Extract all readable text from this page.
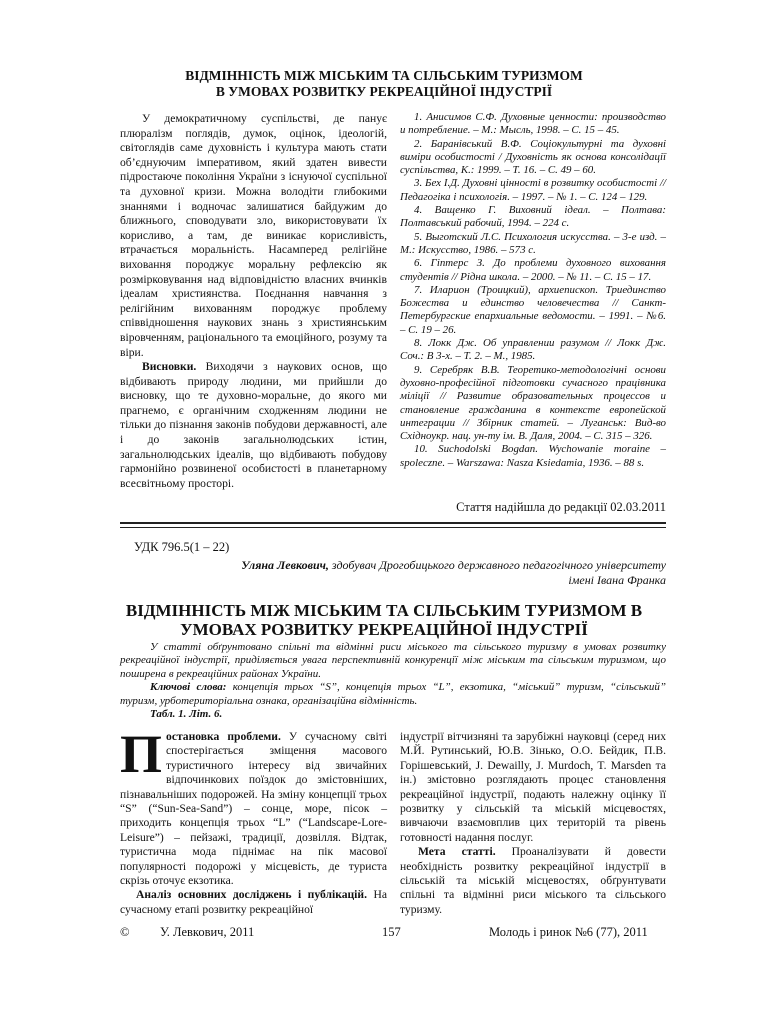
ВІДМІННІСТЬ МІЖ МІСЬКИМ ТА СІЛЬСЬКИМ ТУРИЗМОМ
В УМОВАХ РОЗВИТКУ РЕКРЕАЦІЙНОЇ ІНДУСТРІЇ

У демократичному суспільстві, де панує плюралізм поглядів, думок, оцінок, ідеологій, світоглядів саме духовність і культура мають стати об’єднуючим імперативом, який здатен вивести підростаюче покоління України з існуючої суспільної та духовної кризи. Можна володіти глибокими знаннями і водночас залишатися байдужим до ближнього, споводувати зло, використовувати їх корисливо, а там, де виникає корисливість, втрачається моральність. Насамперед релігійне виховання породжує моральну рефлексію як розмірковування над відповідністю власних вчинків ідеалам християнства. Поєднання навчання з релігійним вихованням породжує проблему співвідношення наукових знань з християнським віровченням, раціонального та емоційного, розуму та віри.

Висновки. Виходячи з наукових основ, що відбивають природу людини, ми прийшли до висновку, що те духовно-моральне, до якого ми прагнемо, є органічним сходженням людини не тільки до пізнання законів побудови державності, але і до законів загальнолюдських істин, загальнолюдських ідеалів, що відбивають побудову гармонійно розвиненої особистості в планетарному всесвітньому просторі.

1. Анисимов С.Ф. Духовные ценности: производство и потребление. – М.: Мысль, 1998. – С. 15 – 45.

2. Баранівський В.Ф. Соціокультурні та духовні виміри особистості / Духовність як основа консолідації суспільства, К.: 1999. – Т. 16. – С. 49 – 60.

3. Бех І.Д. Духовні цінності в розвитку особистості // Педагогіка і психологія. – 1997. – № 1. – С. 124 – 129.

4. Ващенко Г. Виховний ідеал. – Полтава: Полтавський рабочий, 1994. – 224 с.

5. Выготский Л.С. Психология искусства. – 3-е изд. – М.: Искусство, 1986. – 573 с.

6. Гіптерс З. До проблеми духовного виховання студентів // Рідна школа. – 2000. – № 11. – С. 15 – 17.

7. Иларион (Троицкий), архиепископ. Триединство Божества и единство человечества // Санкт-Петербургские епархиальные ведомости. – 1991. – №6. – С. 19 – 26.

8. Локк Дж. Об управлении разумом // Локк Дж. Соч.: В 3-х. – Т. 2. – М., 1985.

9. Серебряк В.В. Теоретико-методологічні основи духовно-професійної підготовки сучасного працівника міліції // Развитие образовательных процессов и становление гражданина в контексте европейской интеграции // Збірник статей. – Луганськ: Вид-во Східноукр. нац. ун-ту ім. В. Даля, 2004. – С. 315 – 326.

10. Suchodolski Bogdan. Wychowanie moraine – spoleczne. – Warszawa: Nasza Ksiedamia, 1936. – 88 s.

Стаття надійшла до редакції 02.03.2011
УДК 796.5(1 – 22)
Уляна Левкович, здобувач Дрогобицького державного педагогічного університету
імені Івана Франка
ВІДМІННІСТЬ МІЖ МІСЬКИМ ТА СІЛЬСЬКИМ ТУРИЗМОМ В
УМОВАХ РОЗВИТКУ РЕКРЕАЦІЙНОЇ ІНДУСТРІЇ

У статті обґрунтовано спільні та відмінні риси міського та сільського туризму в умовах розвитку рекреаційної індустрії, приділяється увага перспективній конкуренції між міським та сільським туризмом, що поширена в рекреаційних районах України.

Ключові слова: концепція трьох “S”, концепція трьох “L”, екзотика, “міський” туризм, “сільський” туризм, урботериторіальна ознака, організаційна відмінність.

Табл. 1. Літ. 6.

Постановка проблеми. У сучасному світі спостерігається зміщення масового туристичного інтересу від звичайних відпочинкових поїздок до змістовніших, пізнавальніших подорожей. На зміну концепції трьох “S” (“Sun-Sea-Sand”) – сонце, море, пісок – приходить концепція трьох “L” (“Landscape-Lore-Leisure”) – пейзажі, традиції, дозвілля. Відтак, туристична мода піднімає на пік масової популярності подорожі у місцевість, де туриста скрізь оточує екзотика.

Аналіз основних досліджень і публікацій. На сучасному етапі розвитку рекреаційної

індустрії вітчизняні та зарубіжні науковці (серед них М.Й. Рутинський, Ю.В. Зінько, О.О. Бейдик, П.В. Горішевський, J. Dewailly, J. Murdoch, T. Marsden та ін.) змістовно розглядають процес становлення рекреаційної індустрії, подають належну оцінку її розвитку у сільській та міській місцевостях, вивчаючи взаємовплив цих територій та рівень готовності надання послуг.

Мета статті. Проаналізувати й довести необхідність розвитку рекреаційної індустрії в сільській та міській місцевостях, обґрунтувати спільні та відмінні риси міського та сільського туризму.

© У. Левкович, 2011	157	Молодь і ринок №6 (77), 2011
